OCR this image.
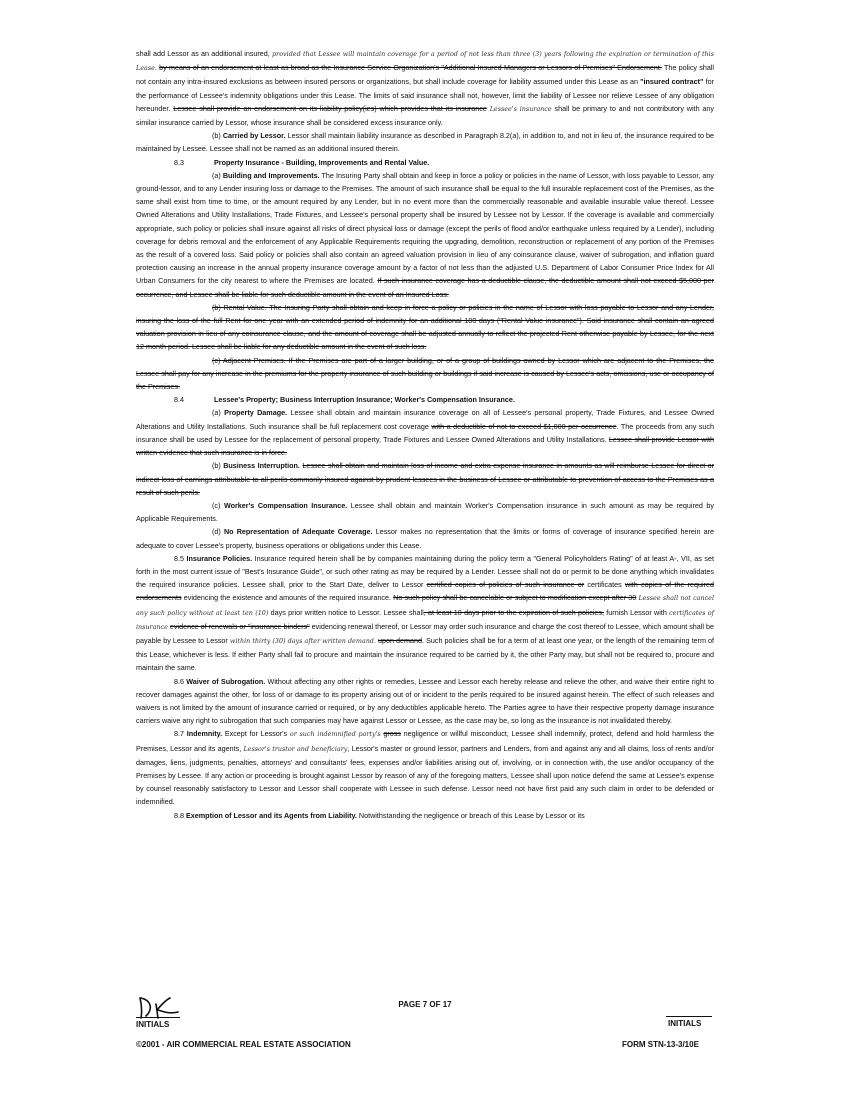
shall add Lessor as an additional insured, provided that Lessee will maintain coverage for a period of not less than three (3) years following the expiration or termination of this Lease. by means of an endorsement at least as broad as the Insurance Service Organization's "Additional Insured-Managers or Lessors of Premises" Endorsement. The policy shall not contain any intra-insured exclusions as between insured persons or organizations, but shall include coverage for liability assumed under this Lease as an "insured contract" for the performance of Lessee's indemnity obligations under this Lease. The limits of said insurance shall not, however, limit the liability of Lessee nor relieve Lessee of any obligation hereunder. Lessee shall provide an endorsement on its liability policy(ies) which provides that its insurance Lessee's insurance shall be primary to and not contributory with any similar insurance carried by Lessor, whose insurance shall be considered excess insurance only.

(b) Carried by Lessor. Lessor shall maintain liability insurance as described in Paragraph 8.2(a), in addition to, and not in lieu of, the insurance required to be maintained by Lessee. Lessee shall not be named as an additional insured therein.

8.3	Property Insurance - Building, Improvements and Rental Value.

(a) Building and Improvements. The Insuring Party shall obtain and keep in force a policy or policies in the name of Lessor, with loss payable to Lessor, any ground-lessor, and to any Lender insuring loss or damage to the Premises. The amount of such insurance shall be equal to the full insurable replacement cost of the Premises, as the same shall exist from time to time, or the amount required by any Lender, but in no event more than the commercially reasonable and available insurable value thereof. Lessee Owned Alterations and Utility Installations, Trade Fixtures, and Lessee's personal property shall be insured by Lessee not by Lessor. If the coverage is available and commercially appropriate, such policy or policies shall insure against all risks of direct physical loss or damage (except the perils of flood and/or earthquake unless required by a Lender), including coverage for debris removal and the enforcement of any Applicable Requirements requiring the upgrading, demolition, reconstruction or replacement of any portion of the Premises as the result of a covered loss. Said policy or policies shall also contain an agreed valuation provision in lieu of any coinsurance clause, waiver of subrogation, and inflation guard protection causing an increase in the annual property insurance coverage amount by a factor of not less than the adjusted U.S. Department of Labor Consumer Price Index for All Urban Consumers for the city nearest to where the Premises are located. If such insurance coverage has a deductible clause, the deductible amount shall not exceed $5,000 per occurrence, and Lessee shall be liable for such deductible amount in the event of an Insured Loss.

(b) Rental Value. The Insuring Party shall obtain and keep in force a policy or policies in the name of Lessor with loss payable to Lessor and any Lender, insuring the loss of the full Rent for one year with an extended period of indemnity for an additional 180 days ("Rental Value insurance"). Said insurance shall contain an agreed valuation provision in lieu of any coinsurance clause, and the amount of coverage shall be adjusted annually to reflect the projected Rent otherwise payable by Lessee, for the next 12 month period. Lessee shall be liable for any deductible amount in the event of such loss.

(c) Adjacent Premises. If the Premises are part of a larger building, or of a group of buildings owned by Lessor which are adjacent to the Premises, the Lessee shall pay for any increase in the premiums for the property insurance of such building or buildings if said increase is caused by Lessee's acts, omissions, use or occupancy of the Premises.

8.4	Lessee's Property; Business Interruption Insurance; Worker's Compensation Insurance.

(a) Property Damage. Lessee shall obtain and maintain insurance coverage on all of Lessee's personal property, Trade Fixtures, and Lessee Owned Alterations and Utility Installations. Such insurance shall be full replacement cost coverage with a deductible of not to exceed $1,000 per occurrence. The proceeds from any such insurance shall be used by Lessee for the replacement of personal property, Trade Fixtures and Lessee Owned Alterations and Utility Installations. Lessee shall provide Lessor with written evidence that such insurance is in force.

(b) Business Interruption. Lessee shall obtain and maintain loss of income and extra expense insurance in amounts as will reimburse Lessee for direct or indirect loss of earnings attributable to all perils commonly insured against by prudent lessees in the business of Lessee or attributable to prevention of access to the Premises as a result of such perils.

(c) Worker's Compensation Insurance. Lessee shall obtain and maintain Worker's Compensation insurance in such amount as may be required by Applicable Requirements.

(d) No Representation of Adequate Coverage. Lessor makes no representation that the limits or forms of coverage of insurance specified herein are adequate to cover Lessee's property, business operations or obligations under this Lease.

8.5 Insurance Policies. Insurance required herein shall be by companies maintaining during the policy term a "General Policyholders Rating" of at least A-, VII, as set forth in the most current issue of "Best's Insurance Guide", or such other rating as may be required by a Lender. Lessee shall not do or permit to be done anything which invalidates the required insurance policies. Lessee shall, prior to the Start Date, deliver to Lessor certified copies of policies of such insurance or certificates with copies of the required endorsements evidencing the existence and amounts of the required insurance. No such policy shall be cancelable or subject to modification except after 30 Lessee shall not cancel any such policy without at least ten (10) days prior written notice to Lessor. Lessee shall, at least 10 days prior to the expiration of such policies, furnish Lessor with certificates of insurance evidence of renewals or "insurance binders" evidencing renewal thereof, or Lessor may order such insurance and charge the cost thereof to Lessee, which amount shall be payable by Lessee to Lessor within thirty (30) days after written demand. upon demand. Such policies shall be for a term of at least one year, or the length of the remaining term of this Lease, whichever is less. If either Party shall fail to procure and maintain the insurance required to be carried by it, the other Party may, but shall not be required to, procure and maintain the same.

8.6 Waiver of Subrogation. Without affecting any other rights or remedies, Lessee and Lessor each hereby release and relieve the other, and waive their entire right to recover damages against the other, for loss of or damage to its property arising out of or incident to the perils required to be insured against herein. The effect of such releases and waivers is not limited by the amount of insurance carried or required, or by any deductibles applicable hereto. The Parties agree to have their respective property damage insurance carriers waive any right to subrogation that such companies may have against Lessor or Lessee, as the case may be, so long as the insurance is not invalidated thereby.

8.7 Indemnity. Except for Lessor's or such indemnified party's gross negligence or willful misconduct, Lessee shall indemnify, protect, defend and hold harmless the Premises, Lessor and its agents, Lessor's trustor and beneficiary, Lessor's master or ground lessor, partners and Lenders, from and against any and all claims, loss of rents and/or damages, liens, judgments, penalties, attorneys' and consultants' fees, expenses and/or liabilities arising out of, involving, or in connection with, the use and/or occupancy of the Premises by Lessee. If any action or proceeding is brought against Lessor by reason of any of the foregoing matters, Lessee shall upon notice defend the same at Lessee's expense by counsel reasonably satisfactory to Lessor and Lessor shall cooperate with Lessee in such defense. Lessor need not have first paid any such claim in order to be defended or indemnified.

8.8 Exemption of Lessor and its Agents from Liability. Notwithstanding the negligence or breach of this Lease by Lessor or its

INITIALS
PAGE 7 OF 17
INITIALS
©2001 - AIR COMMERCIAL REAL ESTATE ASSOCIATION	FORM STN-13-3/10E
